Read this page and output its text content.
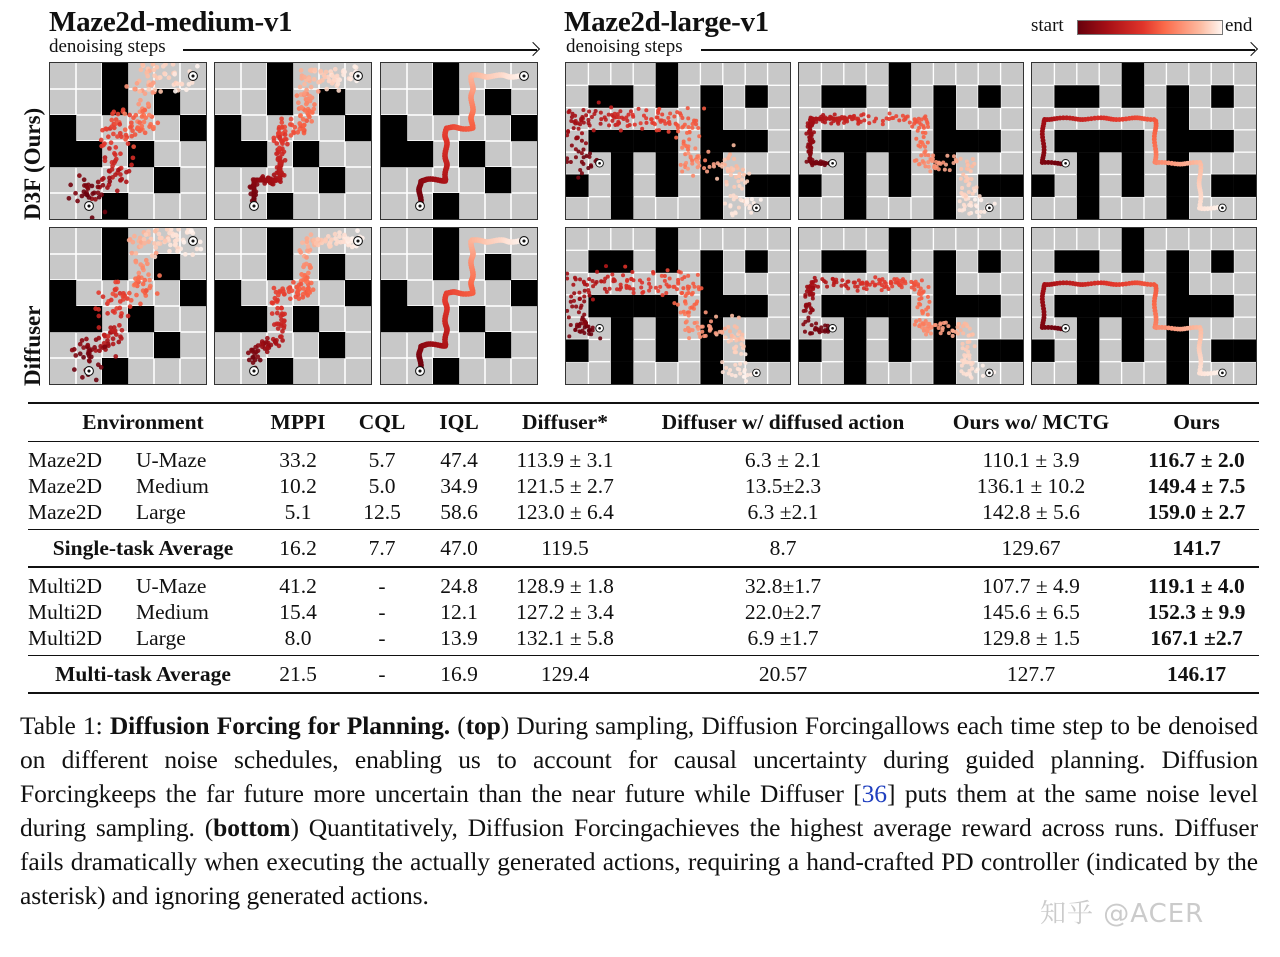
Maze2d-medium-v1
denoising steps
Maze2d-large-v1
denoising steps
start	end
D3F (Ours)
Diffuser
Environment		MPPI	CQL	IQL	Diffuser*	Diffuser w/ diffused action	Ours wo/ MCTG	Ours
Maze2D	U-Maze	33.2	5.7	47.4	113.9 ± 3.1	6.3 ± 2.1	110.1 ± 3.9	116.7 ± 2.0
Maze2D	Medium	10.2	5.0	34.9	121.5 ± 2.7	13.5±2.3	136.1 ± 10.2	149.4 ± 7.5
Maze2D	Large	5.1	12.5	58.6	123.0 ± 6.4	6.3 ±2.1	142.8 ± 5.6	159.0 ± 2.7
Single-task Average		16.2	7.7	47.0	119.5	8.7	129.67	141.7
Multi2D	U-Maze	41.2	-	24.8	128.9 ± 1.8	32.8±1.7	107.7 ± 4.9	119.1 ± 4.0
Multi2D	Medium	15.4	-	12.1	127.2 ± 3.4	22.0±2.7	145.6 ± 6.5	152.3 ± 9.9
Multi2D	Large	8.0	-	13.9	132.1 ± 5.8	6.9 ±1.7	129.8 ± 1.5	167.1 ±2.7
Multi-task Average		21.5	-	16.9	129.4	20.57	127.7	146.17
Table 1: Diffusion Forcing for Planning. (top) During sampling, Diffusion Forcingallows each time step to be denoised on different noise schedules, enabling us to account for causal uncertainty during guided planning. Diffusion Forcingkeeps the far future more uncertain than the near future while Diffuser [36] puts them at the same noise level during sampling. (bottom) Quantitatively, Diffusion Forcingachieves the highest average reward across runs. Diffuser fails dramatically when executing the actually generated actions, requiring a hand-crafted PD controller (indicated by the asterisk) and ignoring generated actions.
知乎 @ACER
